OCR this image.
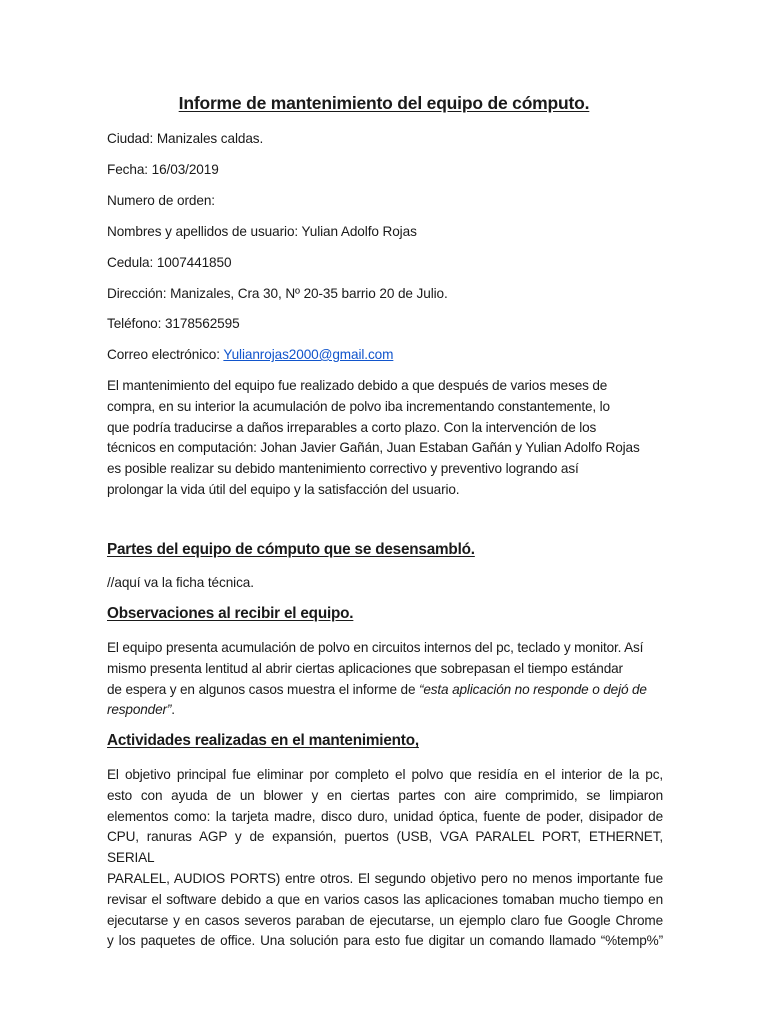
Informe de mantenimiento del equipo de cómputo.
Ciudad: Manizales caldas.
Fecha: 16/03/2019
Numero de orden:
Nombres y apellidos de usuario: Yulian Adolfo Rojas
Cedula: 1007441850
Dirección: Manizales, Cra 30, Nº 20-35 barrio 20 de Julio.
Teléfono: 3178562595
Correo electrónico: Yulianrojas2000@gmail.com
El mantenimiento del equipo fue realizado debido a que después de varios meses de
compra, en su interior la acumulación de polvo iba incrementando constantemente, lo
que podría traducirse a daños irreparables a corto plazo. Con la intervención de los
técnicos en computación: Johan Javier Gañán, Juan Estaban Gañán y Yulian Adolfo Rojas
es posible realizar su debido mantenimiento correctivo y preventivo logrando así
prolongar la vida útil del equipo y la satisfacción del usuario.
Partes del equipo de cómputo que se desensambló.
//aquí va la ficha técnica.
Observaciones al recibir el equipo.
El equipo presenta acumulación de polvo en circuitos internos del pc, teclado y monitor. Así
mismo presenta lentitud al abrir ciertas aplicaciones que sobrepasan el tiempo estándar
de espera y en algunos casos muestra el informe de “esta aplicación no responde o dejó de
responder”.
Actividades realizadas en el mantenimiento,
El objetivo principal fue eliminar por completo el polvo que residía en el interior de la pc,
esto con ayuda de un blower y en ciertas partes con aire comprimido, se limpiaron
elementos como: la tarjeta madre, disco duro, unidad óptica, fuente de poder, disipador de
CPU, ranuras AGP y de expansión, puertos (USB, VGA PARALEL PORT, ETHERNET, SERIAL
PARALEL, AUDIOS PORTS) entre otros. El segundo objetivo pero no menos importante fue
revisar el software debido a que en varios casos las aplicaciones tomaban mucho tiempo en
ejecutarse y en casos severos paraban de ejecutarse, un ejemplo claro fue Google Chrome
y los paquetes de office. Una solución para esto fue digitar un comando llamado “%temp%”
